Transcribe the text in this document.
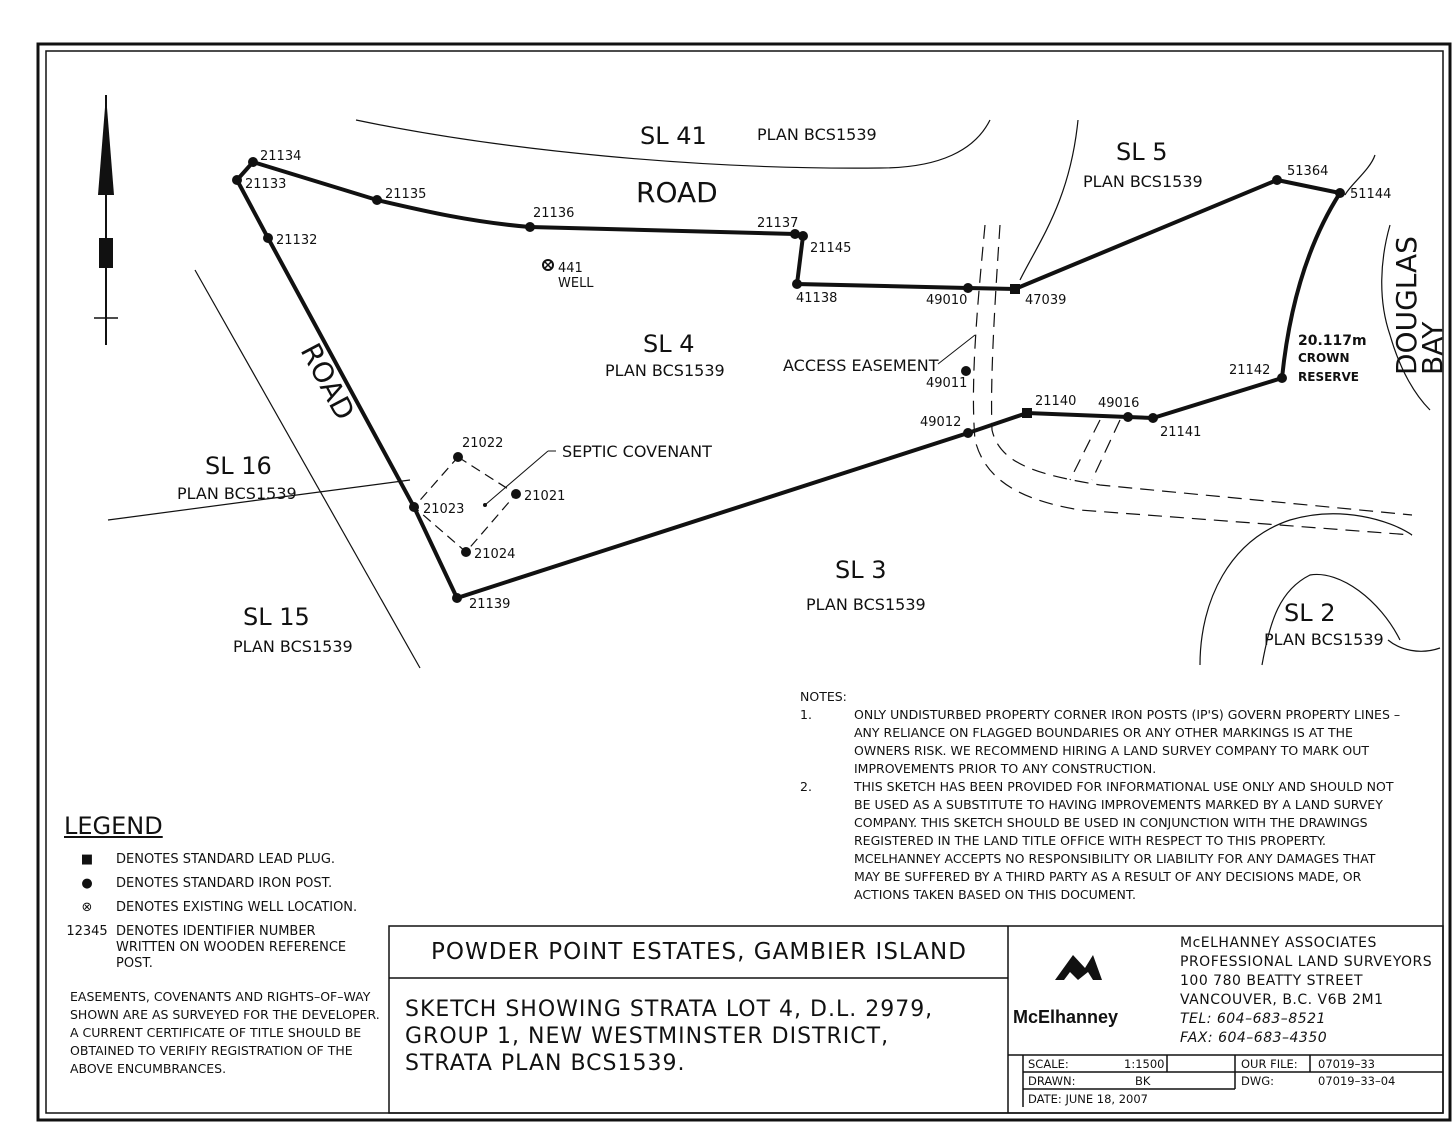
21134
21133
21132
21135
21136
21137
21145
41138	49010	47039
51364
51144
21142
21141
49016
21140
49012
49011
21139
21023
21022
21021
21024
441
WELL
SL 41	PLAN BCS1539
ROAD
SL 5
PLAN BCS1539
SL 4
PLAN BCS1539	ACCESS EASEMENT
SEPTIC COVENANT
SL 16
PLAN BCS1539
SL 15
PLAN BCS1539
SL 3
PLAN BCS1539	SL 2
PLAN BCS1539
20.117m
CROWN
RESERVE
ROAD
DOUGLAS
BAY
SCALE:	1:1500	OUR FILE: 07019–33
DRAWN:	BK	DWG:	07019–33–04
DATE: JUNE 18, 2007
NOTES:
1.	ONLY UNDISTURBED PROPERTY CORNER IRON POSTS (IP'S) GOVERN PROPERTY LINES – ANY RELIANCE ON FLAGGED BOUNDARIES OR ANY OTHER MARKINGS IS AT THE OWNERS RISK. WE RECOMMEND HIRING A LAND SURVEY COMPANY TO MARK OUT IMPROVEMENTS PRIOR TO ANY CONSTRUCTION.
2.	THIS SKETCH HAS BEEN PROVIDED FOR INFORMATIONAL USE ONLY AND SHOULD NOT BE USED AS A SUBSTITUTE TO HAVING IMPROVEMENTS MARKED BY A LAND SURVEY COMPANY. THIS SKETCH SHOULD BE USED IN CONJUNCTION WITH THE DRAWINGS REGISTERED IN THE LAND TITLE OFFICE WITH RESPECT TO THIS PROPERTY. MCELHANNEY ACCEPTS NO RESPONSIBILITY OR LIABILITY FOR ANY DAMAGES THAT MAY BE SUFFERED BY A THIRD PARTY AS A RESULT OF ANY DECISIONS MADE, OR ACTIONS TAKEN BASED ON THIS DOCUMENT.
LEGEND
■	DENOTES STANDARD LEAD PLUG.
●	DENOTES STANDARD IRON POST.
⊗	DENOTES EXISTING WELL LOCATION.
12345 DENOTES IDENTIFIER NUMBER WRITTEN ON WOODEN REFERENCE POST.
EASEMENTS, COVENANTS AND RIGHTS–OF–WAY SHOWN ARE AS SURVEYED FOR THE DEVELOPER. A CURRENT CERTIFICATE OF TITLE SHOULD BE OBTAINED TO VERIFIY REGISTRATION OF THE ABOVE ENCUMBRANCES.
POWDER POINT ESTATES, GAMBIER ISLAND
SKETCH SHOWING STRATA LOT 4, D.L. 2979,
GROUP 1, NEW WESTMINSTER DISTRICT,
STRATA PLAN BCS1539.
McElhanney
McELHANNEY ASSOCIATES
PROFESSIONAL LAND SURVEYORS
100 780 BEATTY STREET
VANCOUVER, B.C. V6B 2M1
TEL: 604–683–8521
FAX: 604–683–4350
